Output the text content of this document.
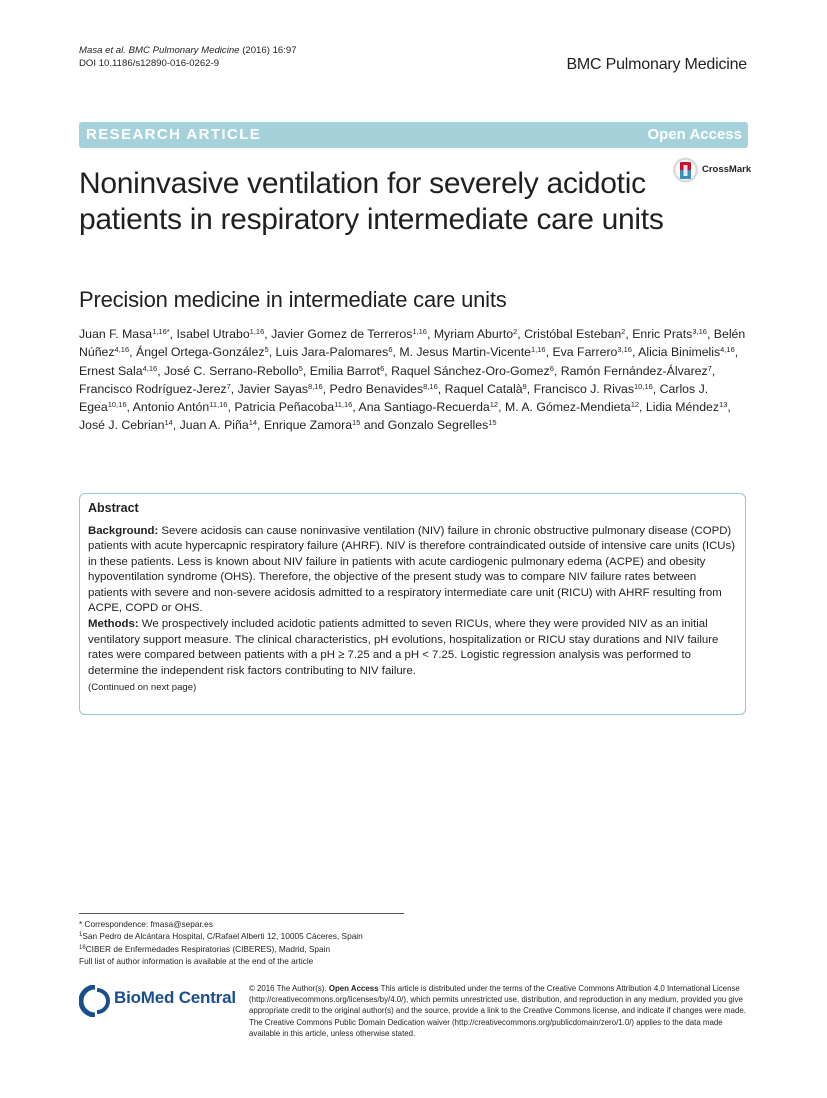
Masa et al. BMC Pulmonary Medicine (2016) 16:97
DOI 10.1186/s12890-016-0262-9	BMC Pulmonary Medicine
RESEARCH ARTICLE	Open Access
CrossMark
Noninvasive ventilation for severely acidotic patients in respiratory intermediate care units
Precision medicine in intermediate care units
Juan F. Masa$^{1,16*}$, Isabel Utrabo$^{1,16}$, Javier Gomez de Terreros$^{1,16}$, Myriam Aburto$^2$, Cristóbal Esteban$^2$, Enric Prats$^{3,16}$, Belén Núñez$^{4,16}$, Ángel Ortega-González$^5$, Luis Jara-Palomares$^6$, M. Jesus Martin-Vicente$^{1,16}$, Eva Farrero$^{3,16}$, Alicia Binimelis$^{4,16}$, Ernest Sala$^{4,16}$, José C. Serrano-Rebollo$^5$, Emilia Barrot$^6$, Raquel Sánchez-Oro-Gomez$^6$, Ramón Fernández-Álvarez$^7$, Francisco Rodríguez-Jerez$^7$, Javier Sayas$^{8,16}$, Pedro Benavides$^{8,16}$, Raquel Català$^9$, Francisco J. Rivas$^{10,16}$, Carlos J. Egea$^{10,16}$, Antonio Antón$^{11,16}$, Patricia Peñacoba$^{11,16}$, Ana Santiago-Recuerda$^{12}$, M. A. Gómez-Mendieta$^{12}$, Lidia Méndez$^{13}$, José J. Cebrian$^{14}$, Juan A. Piña$^{14}$, Enrique Zamora$^{15}$ and Gonzalo Segrelles$^{15}$
Abstract

Background: Severe acidosis can cause noninvasive ventilation (NIV) failure in chronic obstructive pulmonary disease (COPD) patients with acute hypercapnic respiratory failure (AHRF). NIV is therefore contraindicated outside of intensive care units (ICUs) in these patients. Less is known about NIV failure in patients with acute cardiogenic pulmonary edema (ACPE) and obesity hypoventilation syndrome (OHS). Therefore, the objective of the present study was to compare NIV failure rates between patients with severe and non-severe acidosis admitted to a respiratory intermediate care unit (RICU) with AHRF resulting from ACPE, COPD or OHS.

Methods: We prospectively included acidotic patients admitted to seven RICUs, where they were provided NIV as an initial ventilatory support measure. The clinical characteristics, pH evolutions, hospitalization or RICU stay durations and NIV failure rates were compared between patients with a pH ≥ 7.25 and a pH < 7.25. Logistic regression analysis was performed to determine the independent risk factors contributing to NIV failure.

(Continued on next page)
* Correspondence: fmasa@separ.es
$^1$San Pedro de Alcántara Hospital, C/Rafael Alberti 12, 10005 Cáceres, Spain
$^{16}$CIBER de Enfermedades Respiratorias (CIBERES), Madrid, Spain
Full list of author information is available at the end of the article
BioMed Central © 2016 The Author(s). Open Access This article is distributed under the terms of the Creative Commons Attribution 4.0 International License (http://creativecommons.org/licenses/by/4.0/), which permits unrestricted use, distribution, and reproduction in any medium, provided you give appropriate credit to the original author(s) and the source, provide a link to the Creative Commons license, and indicate if changes were made. The Creative Commons Public Domain Dedication waiver (http://creativecommons.org/publicdomain/zero/1.0/) applies to the data made available in this article, unless otherwise stated.
